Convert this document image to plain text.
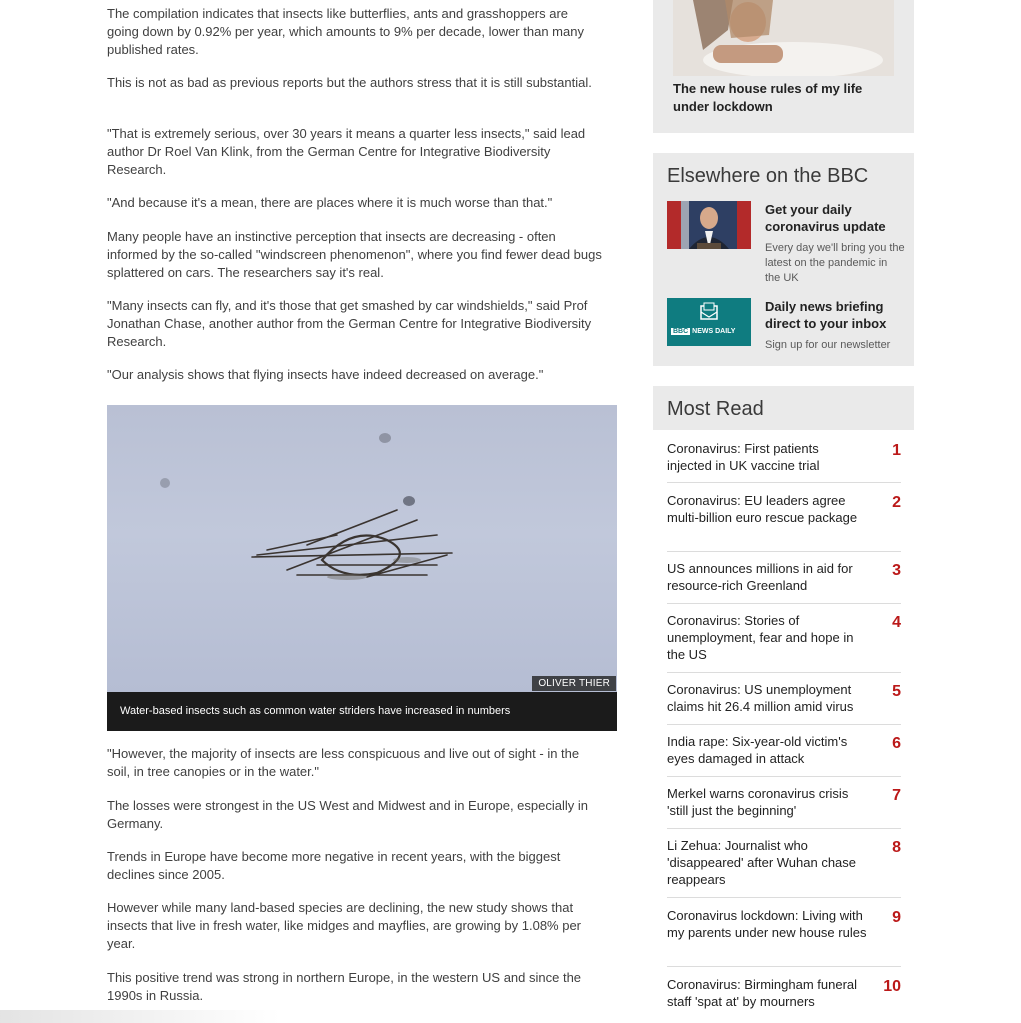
The compilation indicates that insects like butterflies, ants and grasshoppers are going down by 0.92% per year, which amounts to 9% per decade, lower than many published rates.

This is not as bad as previous reports but the authors stress that it is still substantial.

"That is extremely serious, over 30 years it means a quarter less insects," said lead author Dr Roel Van Klink, from the German Centre for Integrative Biodiversity Research.

"And because it's a mean, there are places where it is much worse than that."

Many people have an instinctive perception that insects are decreasing - often informed by the so-called "windscreen phenomenon", where you find fewer dead bugs splattered on cars. The researchers say it's real.

"Many insects can fly, and it's those that get smashed by car windshields," said Prof Jonathan Chase, another author from the German Centre for Integrative Biodiversity Research.

"Our analysis shows that flying insects have indeed decreased on average."

OLIVER THIER
Water-based insects such as common water striders have increased in numbers

"However, the majority of insects are less conspicuous and live out of sight - in the soil, in tree canopies or in the water."

The losses were strongest in the US West and Midwest and in Europe, especially in Germany.

Trends in Europe have become more negative in recent years, with the biggest declines since 2005.

However while many land-based species are declining, the new study shows that insects that live in fresh water, like midges and mayflies, are growing by 1.08% per year.

This positive trend was strong in northern Europe, in the western US and since the 1990s in Russia.

The new house rules of my life under lockdown
Elsewhere on the BBC
Get your daily coronavirus update
Every day we'll bring you the latest on the pandemic in the UK
BBC NEWS DAILY
Daily news briefing direct to your inbox
Sign up for our newsletter
Most Read
Coronavirus: First patients injected in UK vaccine trial
1
Coronavirus: EU leaders agree multi-billion euro rescue package
2
US announces millions in aid for resource-rich Greenland
3
Coronavirus: Stories of unemployment, fear and hope in the US
4
Coronavirus: US unemployment claims hit 26.4 million amid virus
5
India rape: Six-year-old victim's eyes damaged in attack
6
Merkel warns coronavirus crisis 'still just the beginning'
7
Li Zehua: Journalist who 'disappeared' after Wuhan chase reappears
8
Coronavirus lockdown: Living with my parents under new house rules
9
Coronavirus: Birmingham funeral staff 'spat at' by mourners
10
